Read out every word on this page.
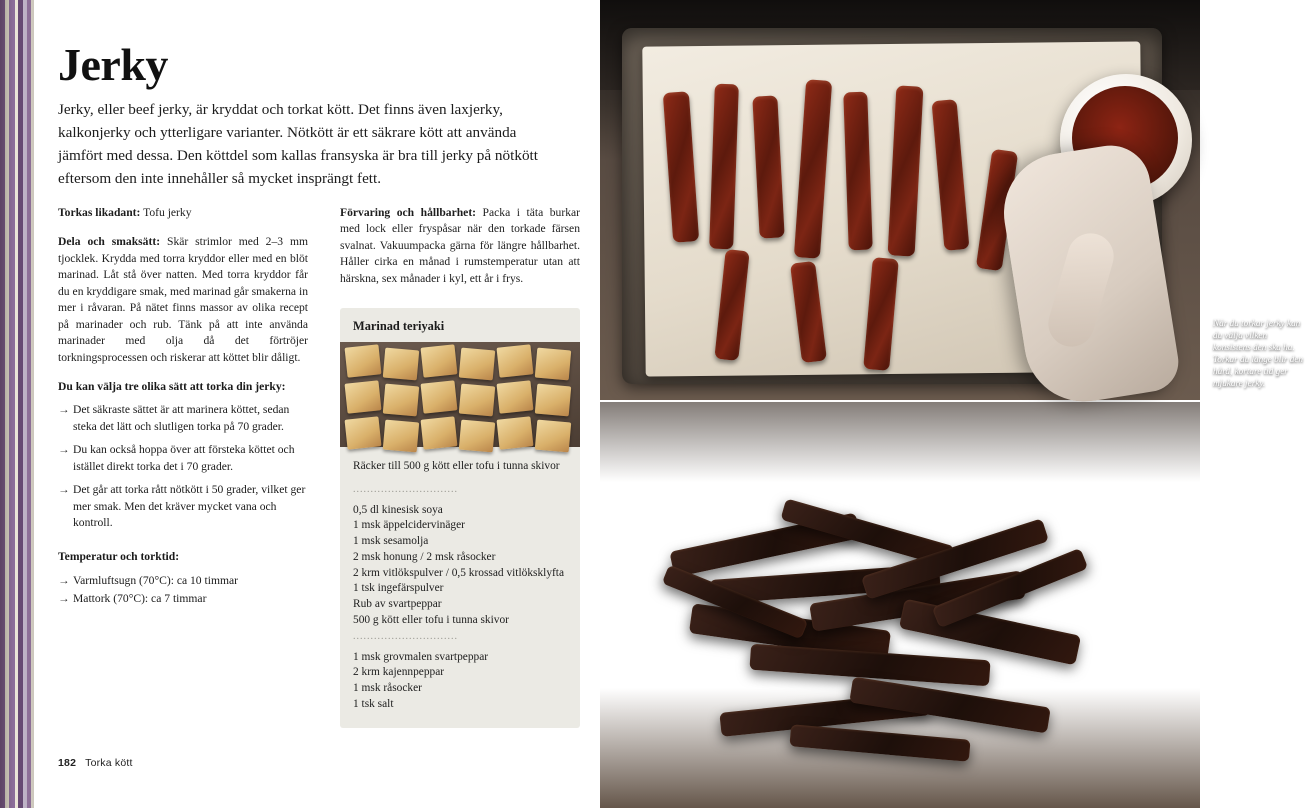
Jerky
Jerky, eller beef jerky, är kryddat och torkat kött. Det finns även laxjerky, kalkonjerky och ytterligare varianter. Nötkött är ett säkrare kött att använda jämfört med dessa. Den köttdel som kallas fransyska är bra till jerky på nötkött eftersom den inte innehåller så mycket insprängt fett.
Torkas likadant: Tofu jerky
Dela och smaksätt: Skär strimlor med 2–3 mm tjocklek. Krydda med torra kryddor eller med en blöt marinad. Låt stå över natten. Med torra kryddor får du en kryddigare smak, med marinad går smakerna in mer i råvaran. På nätet finns massor av olika recept på marinader och rub. Tänk på att inte använda marinader med olja då det förtröjer torkningsprocessen och riskerar att köttet blir dåligt.
Du kan välja tre olika sätt att torka din jerky:
→ Det säkraste sättet är att marinera köttet, sedan steka det lätt och slutligen torka på 70 grader.
→ Du kan också hoppa över att försteka köttet och istället direkt torka det i 70 grader.
→ Det går att torka rått nötkött i 50 grader, vilket ger mer smak. Men det kräver mycket vana och kontroll.
Temperatur och torktid:
→ Varmluftsugn (70°C): ca 10 timmar
→ Mattork (70°C): ca 7 timmar
Förvaring och hållbarhet: Packa i täta burkar med lock eller fryspåsar när den torkade färsen svalnat. Vakuumpacka gärna för längre hållbarhet. Håller cirka en månad i rumstemperatur utan att härskna, sex månader i kyl, ett år i frys.
Marinad teriyaki
Räcker till 500 g kött eller tofu i tunna skivor
..............................
0,5 dl kinesisk soya
1 msk äppelcidervinäger
1 msk sesamolja
2 msk honung / 2 msk råsocker
2 krm vitlökspulver / 0,5 krossad vitlöksklyfta
1 tsk ingefärspulver
Rub av svartpeppar
500 g kött eller tofu i tunna skivor
..............................
1 msk grovmalen svartpeppar
2 krm kajennpeppar
1 msk råsocker
1 tsk salt
182 Torka kött
När du torkar jerky kan du välja vilken konsistens den ska ha. Torkar du länge blir den hård, kortare tid ger mjukare jerky.
